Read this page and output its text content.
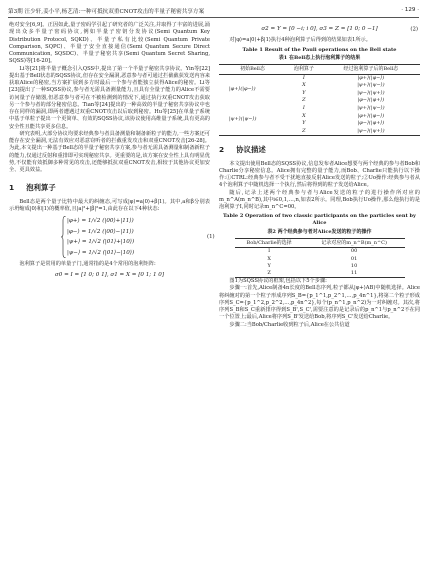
第3期 汪少轩,姜小平,杨艺清:一种可抵抗双重CNOT攻击的半量子秘密共享方案	· 129 ·

绝对安全[6,9]。正因如此,量子密码学引起了研究者的广泛关注,并取得了丰富的进展,涌现出众多半量子密码协议,例如半量子密钥分发协议(Semi Quantum Key Distribution Protocol, SQKD)、半量子私有比较(Semi Quantum Private Comparison, SQPC)、半量子安全直接通信(Semi Quantum Secure Direct Communication, SQSDC)、半量子秘密共享(Semi Quantum Secret Sharing, SQSS)等[16-20]。

Li等[21]将半量子概念引入QSS中,提出了第一个半量子秘密共享协议。Yin等[22]提出基于Bell状态的SQSS协议,但存在安全漏洞,恶意参与者可通过拦截截获发送内容来获取Alice的秘密,当方案扩展到多方时最后一个参与者能独立获得Alice的秘密。Li等[23]提出了一种SQSS协议,参与者无需具备测量能力,且具有全量子能力的Alice不需要访问量子存储器,但恶意参与者可在不被检测到的情况下,通过执行双重CNOT攻击获取另一个参与者的部分秘密信息。Tian等[24]提出的一种高效的半量子秘密共享协议中也存在同样的漏洞,即两者遭遇过双重CNOT攻击以后取到秘密。Hu等[25]在单量子系统中基于单粒子提出一个更简单、有效的SQSS协议,该协议使用高维量子系统,具有更高的安全性且能共享更多信息。

研究表明,大部分协议均要求经典参与者具备测量和制备新粒子的能力,一些方案还可能存在安全漏洞,无法有效应对恶意窃听者的拦截重发攻击和双重CNOT攻击[26-28]。为此,本文提出一种基于Bell态的半量子秘密共享方案,参与者无需具备测量和制备新粒子的能力,仅通过反射和重排即可实现秘密共享。更重要的是,该方案在安全性上具有明显优势,不仅能有效抵御多种常见的攻击,还能够抵抗双重CNOT攻击,相较于其他协议更加安全、更具效益。

1 泡利算子

Bell态是两个量子比特中最大的纠缠态,可写成|φ⟩=a|0⟩+β|1⟩。其中,a和β分别表示坍缩成|0⟩和|1⟩的概率值,且|a|²+|β|²=1,由此存在以下4种状态:

|φ+⟩ = 1/√2 (|00⟩+|11⟩)
|φ−⟩ = 1/√2 (|00⟩−|11⟩)
|ψ+⟩ = 1/√2 (|01⟩+|10⟩)
|ψ−⟩ = 1/√2 (|01⟩−|10⟩)
(1)

泡利算子是常用的单量子门,通常指的是4个常用的泡利矩阵:

σ0 = I = [1 0; 0 1], σ1 = X = [0 1; 1 0]
σ2 = Y = [0 −i; i 0], σ3 = Z = [1 0; 0 −1]	(2)

对|φ⟩=a|0⟩+β|1⟩执行4种泡利算子后得到的结果如表1所示。

Table 1 Result of the Pauli operations on the Bell state
表1 在Bell态上执行泡利算子的结果
初始Bell态	泡利算子	经过泡利算子后的Bell态
|φ+⟩(|φ−⟩)	I	|φ+⟩(|φ−⟩)
	X	|ψ+⟩(|ψ−⟩)
	Y	|ψ−⟩(|ψ+⟩)
	Z	|φ−⟩(|φ+⟩)
|ψ+⟩(|ψ−⟩)	I	|ψ+⟩(|ψ−⟩)
	X	|φ+⟩(|φ−⟩)
	Y	|φ−⟩(|φ+⟩)
	Z	|ψ−⟩(|ψ+⟩)
2 协议描述

本文提出使用Bell态的SQSS协议,信息发布者Alice想要与两个经典的参与者Bob和Charlie分享秘密信息。Alice拥有完整的量子能力,而Bob、Charlie只能执行以下操作:①CTRL:经典参与者不受干扰地直接反射Alice发送的粒子;②Uo操作:经典参与者从4个泡利算子中随机选择一个执行,然后将得到的粒子发送给Alice。

随后,记录上述两个经典参与者与Alice发送的粒子的进行操作所对应的m_n^A(m_n^B),其中i∈0,1,…,n,如表2所示。同理,Bob执行Uo操作,那么他执行的是泡利算子I,同时记录m_n^C=00。

Table 2 Operation of two classic participants on the particles sent by Alice
表2 两个经典参与者对Alice发送的粒子的操作
Bob/Charlie的选择	记录对应的m_n^B(m_n^C)
I	00
X	01
Y	10
Z	11

图1为SQSS协议的框架,包括以下5个步骤:

步骤一:首先,Alice制备4n长度的Bell态序列,粒子都从|φ+⟩AB⟩中随机选择。Alice将纠缠对的第一个粒子形成序列S_B={p_1^1,p_2^1,…,p_4n^1},将第二个粒子形成序列S_C={p_1^2,p_2^2,…,p_4n^2},每个(p_n^1,p_n^2)为一对纠缠对。其次,将序列S_B和S_C重新排序得到S_B',S_C',需要注意的是记录后的p_n^1与p_n^2不在同一个位置上;最后,Alice将序列S_B'发送给Bob,将序列S_C'发送给Charlie。

步骤二:当Bob/Charlie收到粒子后,Alice在公共信道
